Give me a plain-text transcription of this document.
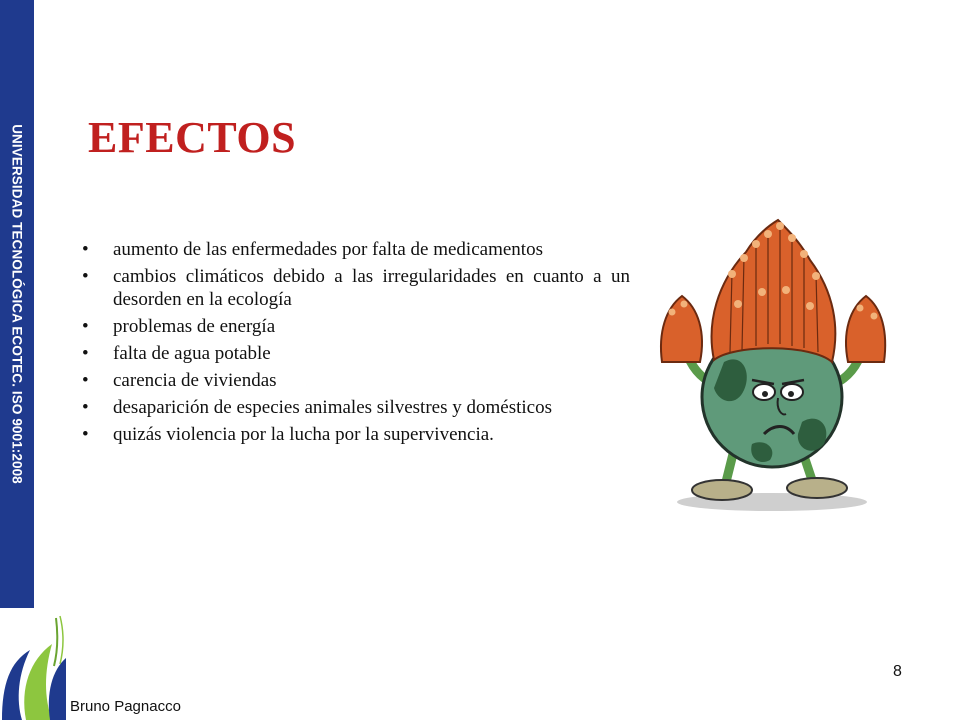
UNIVERSIDAD TECNOLÓGICA ECOTEC. ISO 9001:2008 EFECTOS
• aumento de las enfermedades por falta de medicamentos
• cambios climáticos debido a las irregularidades en cuanto a un desorden en la ecología
• problemas de energía
• falta de agua potable
• carencia de viviendas
• desaparición de especies animales silvestres y domésticos
• quizás violencia por la lucha por la supervivencia.
8
Bruno Pagnacco
